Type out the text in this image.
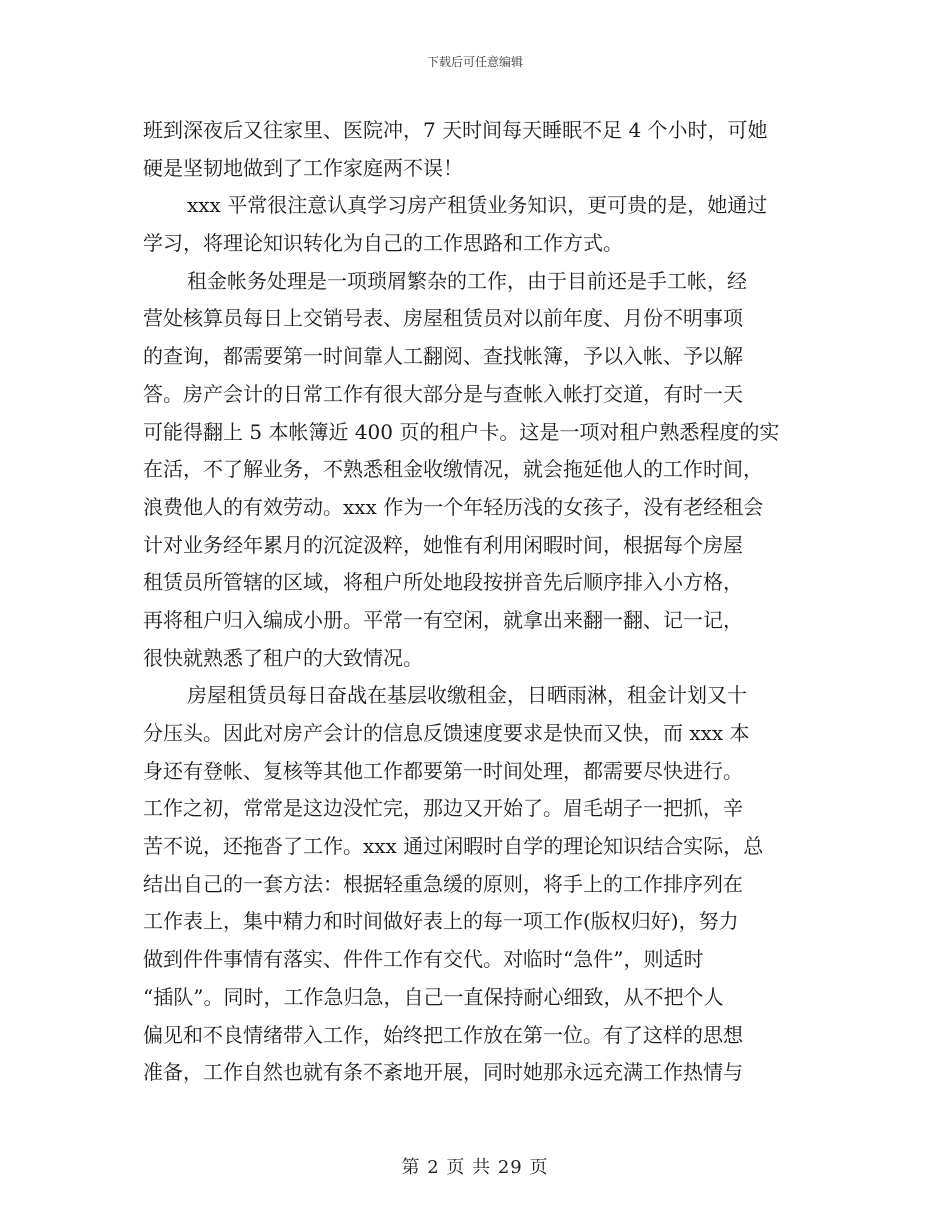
下载后可任意编辑
班到深夜后又往家里、医院冲，7 天时间每天睡眠不足 4 个小时，可她
硬是坚韧地做到了工作家庭两不误！
xxx 平常很注意认真学习房产租赁业务知识，更可贵的是，她通过
学习，将理论知识转化为自己的工作思路和工作方式。
租金帐务处理是一项琐屑繁杂的工作，由于目前还是手工帐，经
营处核算员每日上交销号表、房屋租赁员对以前年度、月份不明事项
的查询，都需要第一时间靠人工翻阅、查找帐簿，予以入帐、予以解
答。房产会计的日常工作有很大部分是与查帐入帐打交道，有时一天
可能得翻上 5 本帐簿近 400 页的租户卡。这是一项对租户熟悉程度的实
在活，不了解业务，不熟悉租金收缴情况，就会拖延他人的工作时间，
浪费他人的有效劳动。xxx 作为一个年轻历浅的女孩子，没有老经租会
计对业务经年累月的沉淀汲粹，她惟有利用闲暇时间，根据每个房屋
租赁员所管辖的区域，将租户所处地段按拼音先后顺序排入小方格，
再将租户归入编成小册。平常一有空闲，就拿出来翻一翻、记一记，
很快就熟悉了租户的大致情况。
房屋租赁员每日奋战在基层收缴租金，日晒雨淋，租金计划又十
分压头。因此对房产会计的信息反馈速度要求是快而又快，而 xxx 本
身还有登帐、复核等其他工作都要第一时间处理，都需要尽快进行。
工作之初，常常是这边没忙完，那边又开始了。眉毛胡子一把抓，辛
苦不说，还拖沓了工作。xxx 通过闲暇时自学的理论知识结合实际，总
结出自己的一套方法：根据轻重急缓的原则，将手上的工作排序列在
工作表上，集中精力和时间做好表上的每一项工作(版权归好)，努力
做到件件事情有落实、件件工作有交代。对临时“急件”，则适时
“插队”。同时，工作急归急，自己一直保持耐心细致，从不把个人
偏见和不良情绪带入工作，始终把工作放在第一位。有了这样的思想
准备，工作自然也就有条不紊地开展，同时她那永远充满工作热情与
第 2 页 共 29 页
